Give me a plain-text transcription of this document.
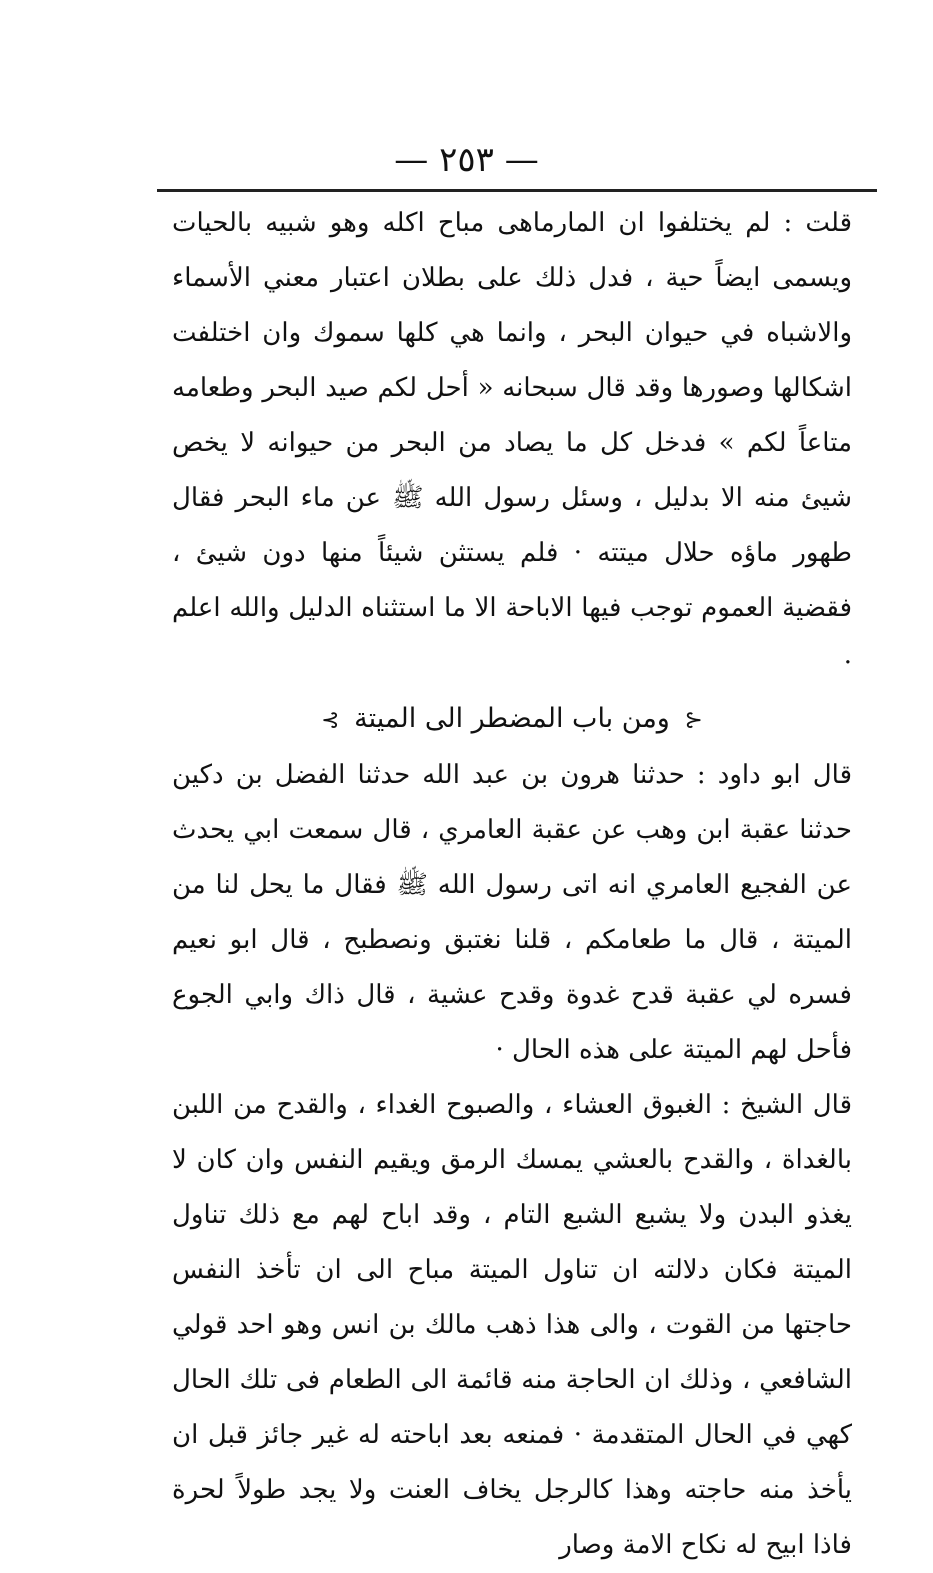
— ٢٥٣ —

قلت : لم يختلفوا ان المارماهى مباح اكله وهو شبيه بالحيات ويسمى ايضاً حية ، فدل ذلك على بطلان اعتبار معني الأسماء والاشباه في حيوان البحر ، وانما هي كلها سموك وان اختلفت اشكالها وصورها وقد قال سبحانه « أحل لكم صيد البحر وطعامه متاعاً لكم » فدخل كل ما يصاد من البحر من حيوانه لا يخص شيئ منه الا بدليل ، وسئل رسول الله ﷺ عن ماء البحر فقال طهور ماؤه حلال ميتته · فلم يستثن شيئاً منها دون شيئ ، فقضية العموم توجب فيها الاباحة الا ما استثناه الدليل والله اعلم ·

⊰ ومن باب المضطر الى الميتة ⊱

قال ابو داود : حدثنا هرون بن عبد الله حدثنا الفضل بن دكين حدثنا عقبة ابن وهب عن عقبة العامري ، قال سمعت ابي يحدث عن الفجيع العامري انه اتى رسول الله ﷺ فقال ما يحل لنا من الميتة ، قال ما طعامكم ، قلنا نغتبق ونصطبح ، قال ابو نعيم فسره لي عقبة قدح غدوة وقدح عشية ، قال ذاك وابي الجوع فأحل لهم الميتة على هذه الحال ·

قال الشيخ : الغبوق العشاء ، والصبوح الغداء ، والقدح من اللبن بالغداة ، والقدح بالعشي يمسك الرمق ويقيم النفس وان كان لا يغذو البدن ولا يشبع الشبع التام ، وقد اباح لهم مع ذلك تناول الميتة فكان دلالته ان تناول الميتة مباح الى ان تأخذ النفس حاجتها من القوت ، والى هذا ذهب مالك بن انس وهو احد قولي الشافعي ، وذلك ان الحاجة منه قائمة الى الطعام فى تلك الحال كهي في الحال المتقدمة · فمنعه بعد اباحته له غير جائز قبل ان يأخذ منه حاجته وهذا كالرجل يخاف العنت ولا يجد طولاً لحرة فاذا ابيح له نكاح الامة وصار
